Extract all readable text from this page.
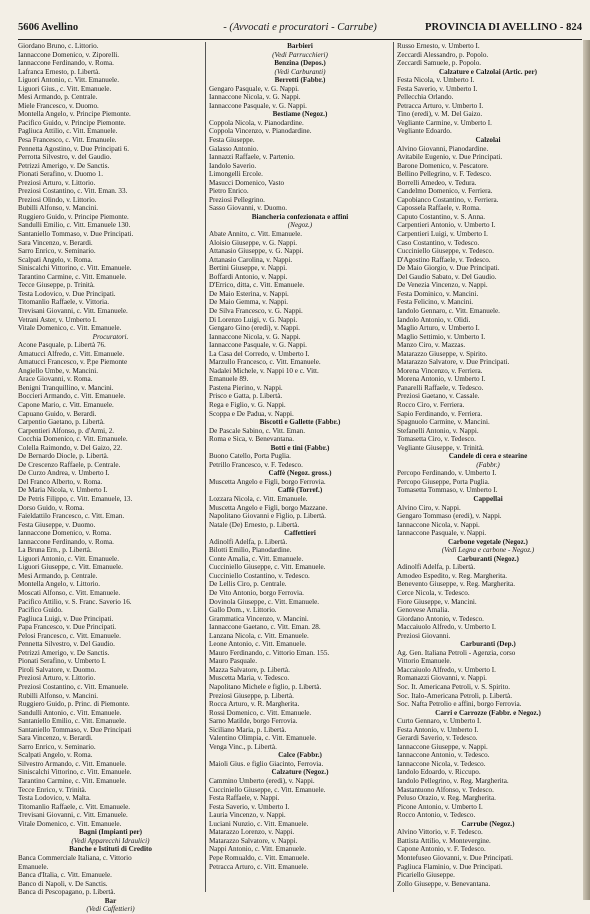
5606 Avellino	- (Avvocati e procuratori - Carrube)	PROVINCIA DI AVELLINO - 824
Giordano Bruno, c. Littorio.
Iannaccone Domenico, v. Ziporelli.
Iannaccone Ferdinando, v. Roma.
Lafranca Ernesto, p. Libertà.
Liguori Antonio, c. Vitt. Emanuele.
Liguori Gius., c. Vitt. Emanuele.
Mesi Armando, p. Centrale.
Miele Francesco, v. Duomo.
Montella Angelo, v. Principe Piemonte.
Pacifico Guido, v. Principe Piemonte.
Pagliuca Attilio, c. Vitt. Emanuele.
Pesa Francesco, c. Vitt. Emanuele.
Pennetta Agostino, v. Due Principati 6.
Perrotta Silvestro, v. del Gaudio.
Petrizzi Amerigo, v. De Sanctis.
Pionati Serafino, v. Duomo 1.
Preziosi Arturo, v. Littorio.
Preziosi Costantino, c. Vitt. Eman. 33.
Preziosi Olindo, v. Littorio.
Bubilli Alfonso, v. Mancini.
Ruggiero Guido, v. Principe Piemonte.
Sandulli Emilio, c. Vitt. Emanuele 130.
Santaniello Tommaso, v. Due Principati.
Sara Vincenzo, v. Berardi.
Sarro Enrico, v. Seminario.
Scalpati Angelo, v. Roma.
Siniscalchi Vittorino, c. Vitt. Emanuele.
Tarantino Carmine, c. Vitt. Emanuele.
Tecce Giuseppe, p. Trinità.
Testa Lodovico, v. Due Principati.
Titomanlio Raffaele, v. Vittoria.
Trevisani Giovanni, c. Vitt. Emanuele.
Vetrani Aster, v. Umberto I.
Vitale Domenico, c. Vitt. Emanuele.
Procuratori.
Acone Pasquale, p. Libertà 76.
Amatucci Alfredo, c. Vitt. Emanuele.
Amatucci Francesco, v. P.pe Piemonte
Angiello Umbe, v. Mancini.
Arace Giovanni, v. Roma.
Benigni Tranquillino, v. Mancini.
Boccieri Armando, c. Vitt. Emanuele.
Capone Mario, c. Vitt. Emanuele.
Capuano Guido, v. Berardi.
Carpentio Gaetano, p. Libertà.
Carpentieri Alfonso, p. d'Armi, 2.
Cocchia Domenico, c. Vitt. Emanuele.
Colella Raimondo, v. Del Gaizo, 22.
De Bernardo Diocle, p. Libertà.
De Crescenzo Raffaele, p. Centrale.
De Curzo Andrea, v. Umberto I.
Del Franco Alberto, v. Roma.
De Maria Nicola, v. Umberto I.
De Petris Filippo, c. Vitt. Emanuele, 13.
Dorso Guido, v. Roma.
Faieldattilo Francesco, c. Vitt. Eman.
Festa Giuseppe, v. Duomo.
Iannaccone Domenico, v. Roma.
Iannaccone Ferdinando, v. Roma.
La Bruna Ern., p. Libertà.
Liguori Antonio, c. Vitt. Emanuele.
Liguori Giuseppe, c. Vitt. Emanuele.
Mesi Armando, p. Centrale.
Montella Angelo, v. Littorio.
Moscati Alfonso, c. Vitt. Emanuele.
Pacifico Attilio, v. S. Franc. Saverio 16.
Pacifico Guido.
Pagliuca Luigi, v. Due Principati.
Papa Francesco, v. Due Principati.
Pelosi Francesco, c. Vitt. Emanuele.
Pennetta Silvestro, v. Del Gaudio.
Petrizzi Amerigo, v. De Sanctis.
Pionati Serafino, v. Umberto I.
Piroli Salvatore, v. Duomo.
Preziosi Arturo, v. Littorio.
Preziosi Costantino, c. Vitt. Emanuele.
Rubilli Alfonso, v. Mancini.
Ruggiero Guido, p. Princ. di Piemonte.
Sandulli Antonio, c. Vitt. Emanuele.
Santaniello Emilio, c. Vitt. Emanuele.
Santaniello Tommaso, v. Due Principati
Sara Vincenzo, v. Berardi.
Sarro Enrico, v. Seminario.
Scalpati Angelo, v. Roma.
Silvestro Armando, c. Vitt. Emanuele.
Siniscalchi Vittorino, c. Vitt. Emanuele.
Tarantino Carmine, c. Vitt. Emanuele.
Tecce Enrico, v. Trinità.
Testa Lodovico, v. Malta.
Titomanlio Raffaele, c. Vitt. Emanuele.
Trevisani Giovanni, c. Vitt. Emanuele.
Vitale Domenico, c. Vitt. Emanuele.
Bagni (Impianti per)
(Vedi Apparecchi Idraulici)
Banche e Istituti di Credito
Banca Commerciale Italiana, c. Vittorio
Emanuele.
Banca d'Italia, c. Vitt. Emanuele.
Banco di Napoli, v. De Sanctis.
Banca di Pescopagano, p. Libertà.
Bar
(Vedi Caffettieri)
Barbieri
(Vedi Parrucchieri)
Benzina (Depos.)
(Vedi Carburanti)
Berretti (Fabbr.)
Gengaro Pasquale, v. G. Nappi.
Iannaccone Nicola, v. G. Nappi.
Iannaccone Pasquale, v. G. Nappi.
Bestiame (Negoz.)
Coppola Nicola, v. Pianodardine.
Coppola Vincenzo, v. Pianodardine.
Festa Giuseppe.
Galasso Antonio.
Iannazzi Raffaele, v. Partenio.
Iandolo Saverio.
Limongelli Ercole.
Masucci Domenico, Vasto
Pietro Enrico.
Preziosi Pellegrino.
Sasso Giovanni, v. Duomo.
Biancheria confezionata e affini
(Negoz.)
Abate Annito, c. Vitt. Emanuele.
Aloisio Giuseppe, v. G. Nappi.
Attanasio Giuseppe, v. G. Nappi.
Attanasio Carolina, v. Nappi.
Bertini Giuseppe, v. Nappi.
Boffardi Antonio, v. Nappi.
D'Errico, ditta, c. Vitt. Emanuele.
De Maio Esterina, v. Nappi.
De Maio Gemma, v. Nappi.
De Silva Francesco, v. G. Nappi.
Di Lorenzo Luigi, v. G. Nappi.
Gengaro Gino (eredi), v. Nappi.
Iannaccone Nicola, v. G. Nappi.
Iannaccone Pasquale, v. G. Nappi.
La Casa del Corredo, v. Umberto I.
Marzullo Francesco, c. Vitt. Emanuele.
Nadalei Michele, v. Nappi 10 e c. Vitt.
Emanuele 89.
Pastena Pierino, v. Nappi.
Prisco e Gatta, p. Libertà.
Rega e Figlio, v. G. Nappi.
Scoppa e De Padua, v. Nappi.
Biscotti e Gallette (Fabbr.)
De Pascale Sabino, c. Vitt. Eman.
Roma e Sica, v. Benevantana.
Botti e tini (Fabbr.)
Buono Catello, Porta Puglia.
Petrillo Francesco, v. F. Tedesco.
Caffè (Negoz. gross.)
Muscetta Angelo e Figli, borgo Ferrovia.
Caffè (Torref.)
Lozzara Nicola, c. Vitt. Emanuele.
Muscetta Angelo e Figli, borgo Mazzane.
Napolitano Giovanni e Figlio, p. Libertà.
Natale (De) Ernesto, p. Libertà.
Caffettieri
Adinolfi Adelfa, p. Libertà.
Bilotti Emilio, Pianodardine.
Conte Amalia, c. Vitt. Emanuele.
Cucciniello Giuseppe, c. Vitt. Emanuele.
Cucciniello Costantino, v. Tedesco.
De Lellis Ciro, p. Centrale.
De Vito Antonio, borgo Ferrovia.
Dovinola Giuseppe, c. Vitt. Emanuele.
Gallo Dom., v. Littorio.
Grammatica Vincenzo, v. Mancini.
Iannaccone Gaetano, c. Vitt. Eman. 28.
Lanzana Nicola, c. Vitt. Emanuele.
Leone Antonio, c. Vitt. Emanuele.
Mauro Ferdinando, c. Vittorio Eman. 155.
Mauro Pasquale.
Mazza Salvatore, p. Libertà.
Muscetta Maria, v. Tedesco.
Napolitano Michele e figlio, p. Libertà.
Preziosi Giuseppe, p. Libertà.
Rocca Arturo, v. R. Margherita.
Rossi Domenico, c. Vitt. Emanuele.
Sarno Matilde, borgo Ferrovia.
Siciliano Maria, p. Libertà.
Valentino Olimpia, c. Vitt. Emanuele.
Venga Vinc., p. Libertà.
Calce (Fabbr.)
Maioli Gius. e figlio Giacinto, Ferrovia.
Calzature (Negoz.)
Cammino Umberto (eredi), v. Nappi.
Cucciniello Giuseppe, c. Vitt. Emanuele.
Festa Raffaele, v. Nappi.
Festa Saverio, v. Umberto I.
Lauria Vincenzo, v. Nappi.
Luciani Nunzio, c. Vitt. Emanuele.
Matarazzo Lorenzo, v. Nappi.
Matarazzo Salvatore, v. Nappi.
Nappi Antonio, c. Vitt. Emanuele.
Pepe Romualdo, c. Vitt. Emanuele.
Petracca Arturo, c. Vitt. Emanuele.
Russo Ernesto, v. Umberto I.
Zeccardi Alessandro, p. Popolo.
Zeccardi Samuele, p. Popolo.
Calzature e Calzolai (Artic. per)
Festa Nicola, v. Umberto I.
Festa Saverio, v. Umberto I.
Pellecchia Orlando.
Petracca Arturo, v. Umberto I.
Tino (eredi), v. M. Del Gaizo.
Vegliante Carmine, v. Umberto I.
Vegliante Edoardo.
Calzolai
Alvino Giovanni, Pianodardine.
Avitabile Eugenio, v. Due Principati.
Barone Domenico, v. Pescatore.
Bellino Pellegrino, v. F. Tedesco.
Borrelli Amedeo, v. Tedura.
Candelmo Domenico, v. Ferriera.
Capobianco Costantino, v. Ferriera.
Capossela Raffaele, v. Roma.
Caputo Costantino, v. S. Anna.
Carpentieri Antonio, v. Umberto I.
Carpentieri Luigi, v. Umberto I.
Caso Costantino, v. Tedesco.
Cucciniello Giuseppe, v. Tedesco.
D'Agostino Raffaele, v. Tedesco.
De Maio Giorgio, v. Due Principati.
Del Gaudio Sabato, v. Del Gaudio.
De Venezia Vincenzo, v. Nappi.
Festa Dominico, v. Mancini.
Festa Felicino, v. Mancini.
Iandolo Gennaro, c. Vitt. Emanuele.
Iandolo Antonio, v. Olidi.
Maglio Arturo, v. Umberto I.
Maglio Settimio, v. Umberto I.
Manzo Ciro, v. Mazzas.
Matarazzo Giuseppe, v. Spirito.
Matarazzo Salvatore, v. Due Principati.
Morena Vincenzo, v. Ferriera.
Morena Antonio, v. Umberto I.
Panarelli Raffaele, v. Tedesco.
Preziosi Gaetano, v. Cassale.
Rocco Ciro, v. Ferriera.
Sapio Ferdinando, v. Ferriera.
Spagnuolo Carmine, v. Mancini.
Stefanelli Antonio, v. Nappi.
Tomasetta Ciro, v. Tedesco.
Vegliante Giuseppe, v. Trinità.
Candele di cera e stearine
(Fabbr.)
Percopo Ferdinando, v. Umberto I.
Percopo Giuseppe, Porta Puglia.
Tomasetta Tommaso, v. Umberto I.
Cappellai
Alvino Ciro, v. Nappi.
Gengaro Tommaso (eredi), v. Nappi.
Iannaccone Nicola, v. Nappi.
Iannaccone Pasquale, v. Nappi.
Carbone vegetale (Negoz.)
(Vedi Legna e carbone - Negoz.)
Carburanti (Negoz.)
Adinolfi Adelfa, p. Libertà.
Amodeo Espedito, v. Reg. Margherita.
Benevento Giuseppe, v. Reg. Margherita.
Cerce Nicola, v. Tedesco.
Fiore Giuseppe, v. Mancini.
Genovese Amalia.
Giordano Antonio, v. Tedesco.
Maccaiuolo Alfredo, v. Umberto I.
Preziosi Giovanni.
Carburanti (Dep.)
Ag. Gen. Italiana Petroli - Agenzia, corso
Vittorio Emanuele.
Maccaiuolo Alfredo, v. Umberto I.
Romanazzi Giovanni, v. Nappi.
Soc. It. Americana Petroli, v. S. Spirito.
Soc. Italo-Americana Petroli, p. Libertà.
Soc. Nafta Petrolio e affini, borgo Ferrovia.
Carri e Carrozze (Fabbr. e Negoz.)
Curto Gennaro, v. Umberto I.
Festa Antonio, v. Umberto I.
Gerardi Saverio, v. Tedesco.
Iannaccone Giuseppe, v. Nappi.
Iannaccone Antonio, v. Tedesco.
Iannaccone Nicola, v. Tedesco.
Iandolo Edoardo, v. Riccupo.
Iandolo Pellegrino, v. Reg. Margherita.
Mastantuono Alfonso, v. Tedesco.
Peluso Orazio, v. Reg. Margherita.
Picone Antonio, v. Umberto I.
Rocco Antonio, v. Tedesco.
Carrube (Negoz.)
Alvino Vittorio, v. F. Tedesco.
Battista Attilio, v. Montevergine.
Capone Antonio, v. F. Tedesco.
Montefuseo Giovanni, v. Due Principati.
Pagliuca Flaminio, v. Due Principati.
Picariello Giuseppe.
Zollo Giuseppe, v. Benevantana.
